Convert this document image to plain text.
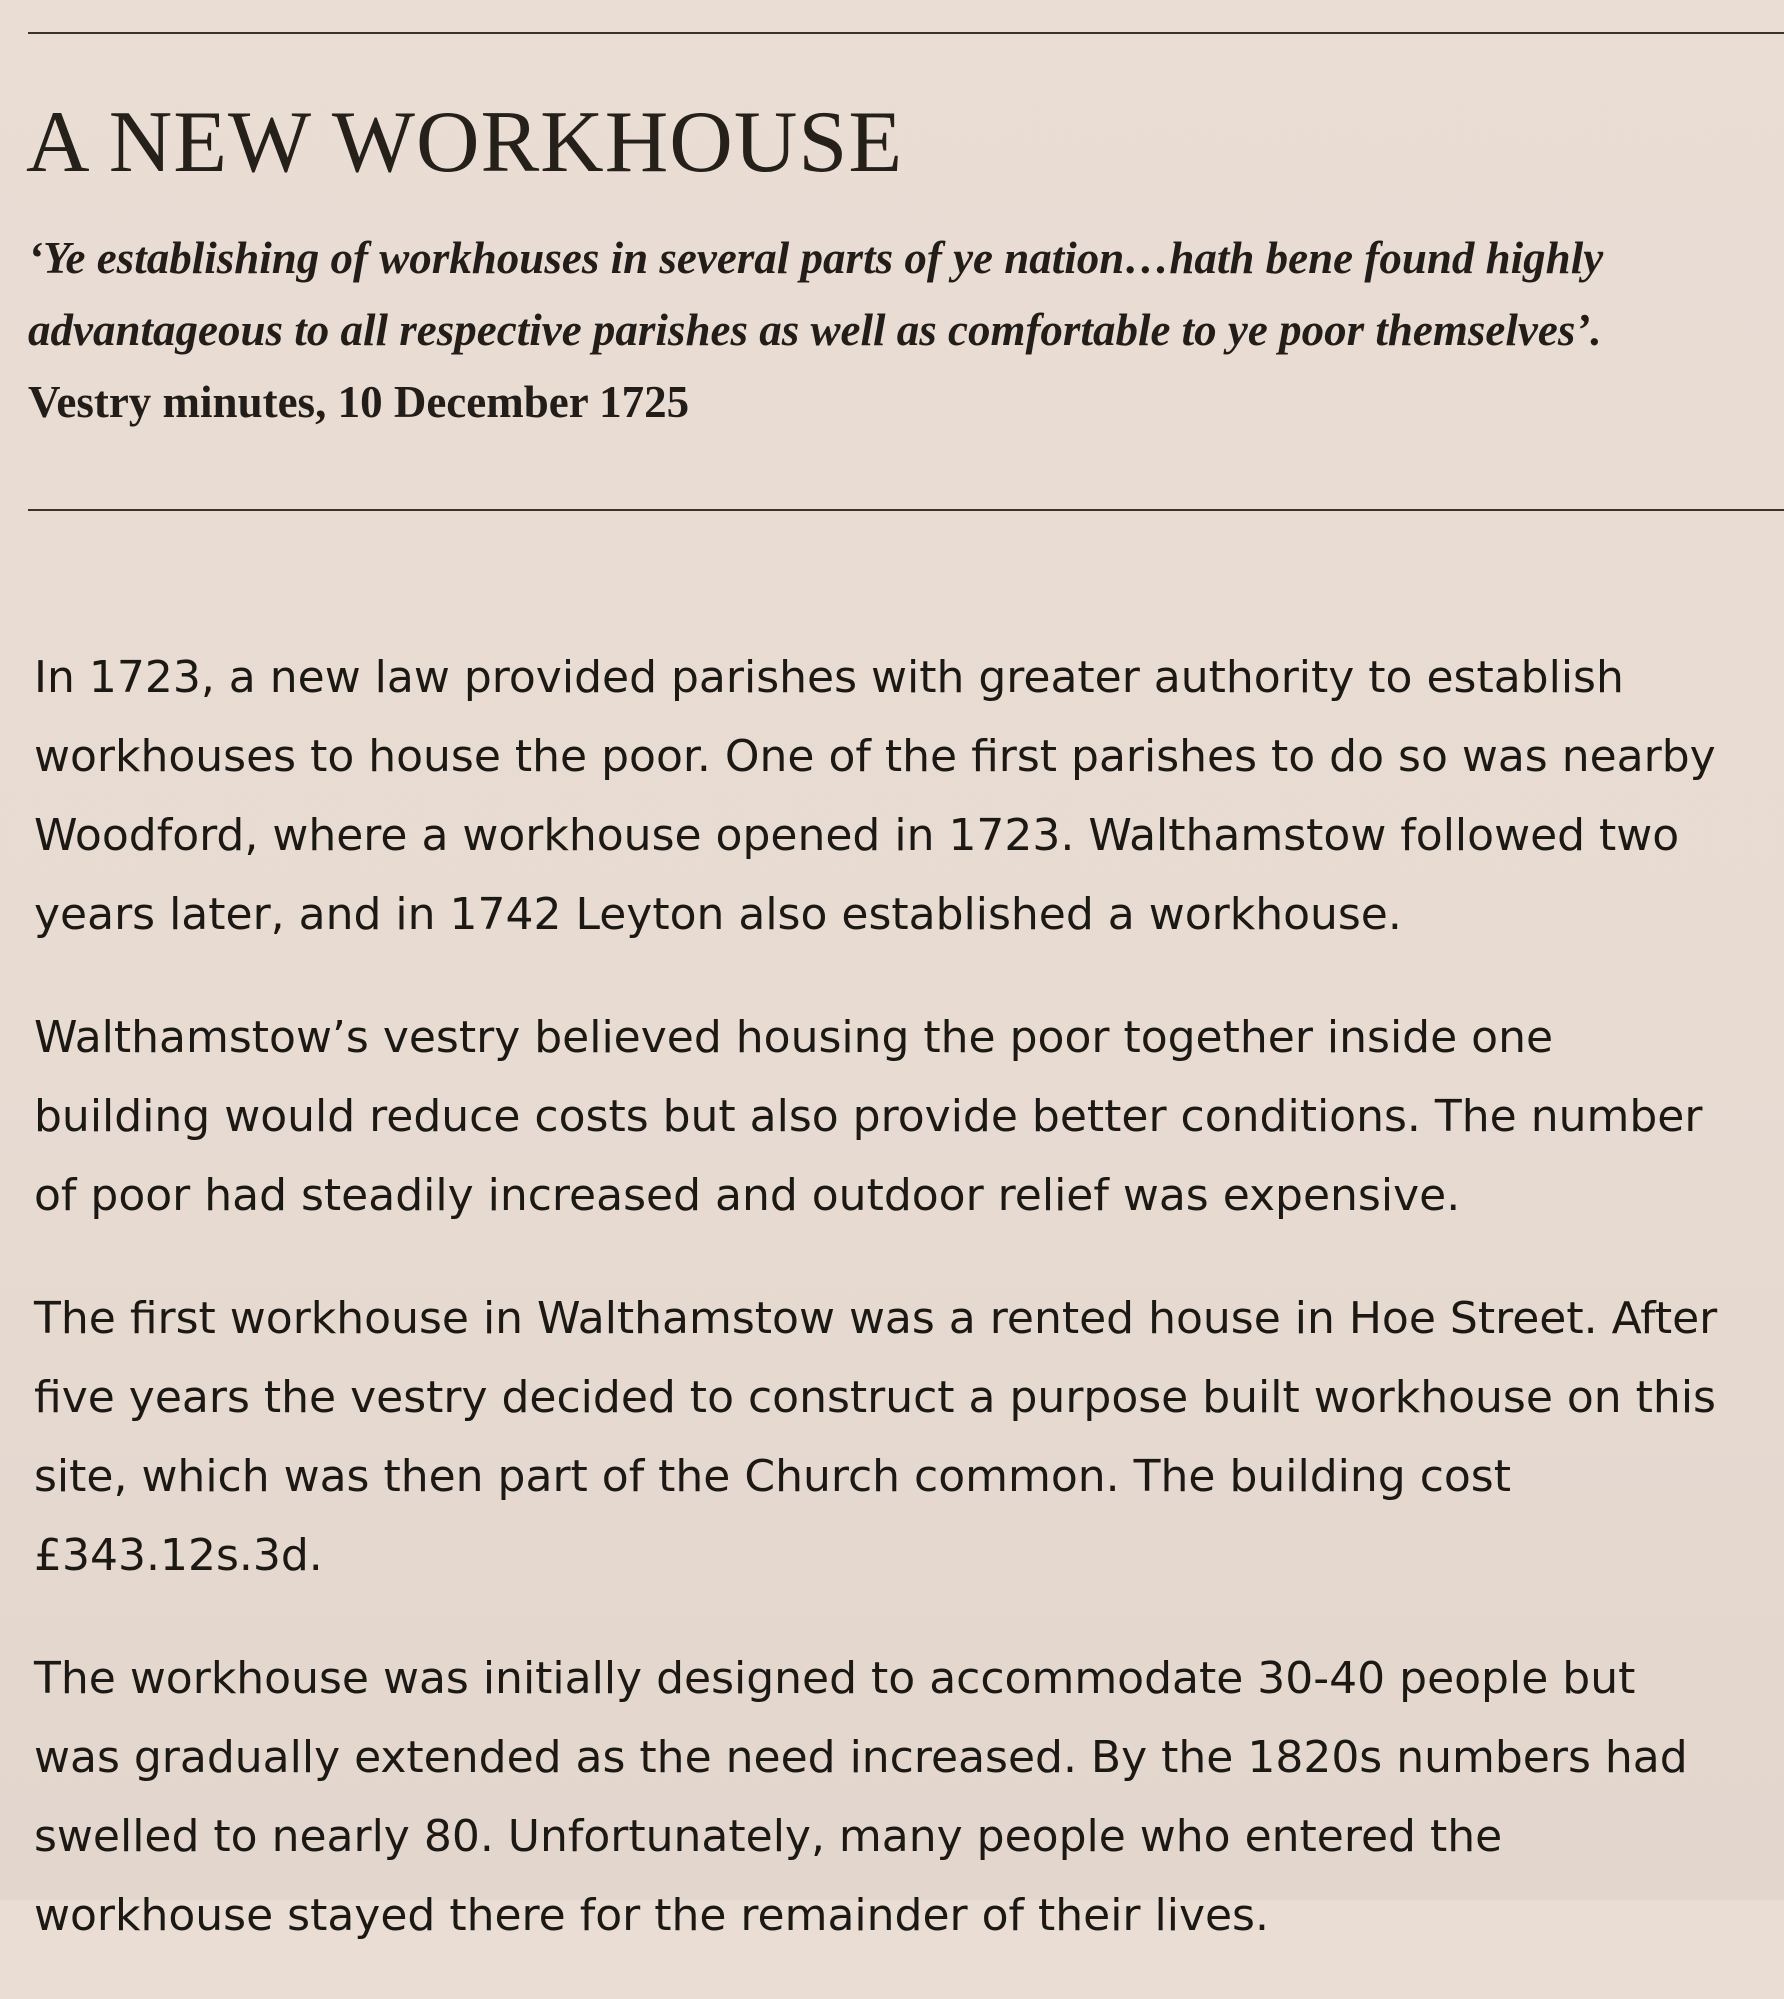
A NEW WORKHOUSE

‘Ye establishing of workhouses in several parts of ye nation…hath bene found highly advantageous to all respective parishes as well as comfortable to ye poor themselves’. Vestry minutes, 10 December 1725

In 1723, a new law provided parishes with greater authority to establish workhouses to house the poor. One of the first parishes to do so was nearby Woodford, where a workhouse opened in 1723. Walthamstow followed two years later, and in 1742 Leyton also established a workhouse.

Walthamstow’s vestry believed housing the poor together inside one building would reduce costs but also provide better conditions. The number of poor had steadily increased and outdoor relief was expensive.

The first workhouse in Walthamstow was a rented house in Hoe Street. After five years the vestry decided to construct a purpose built workhouse on this site, which was then part of the Church common. The building cost £343.12s.3d.

The workhouse was initially designed to accommodate 30-40 people but was gradually extended as the need increased. By the 1820s numbers had swelled to nearly 80. Unfortunately, many people who entered the workhouse stayed there for the remainder of their lives.
